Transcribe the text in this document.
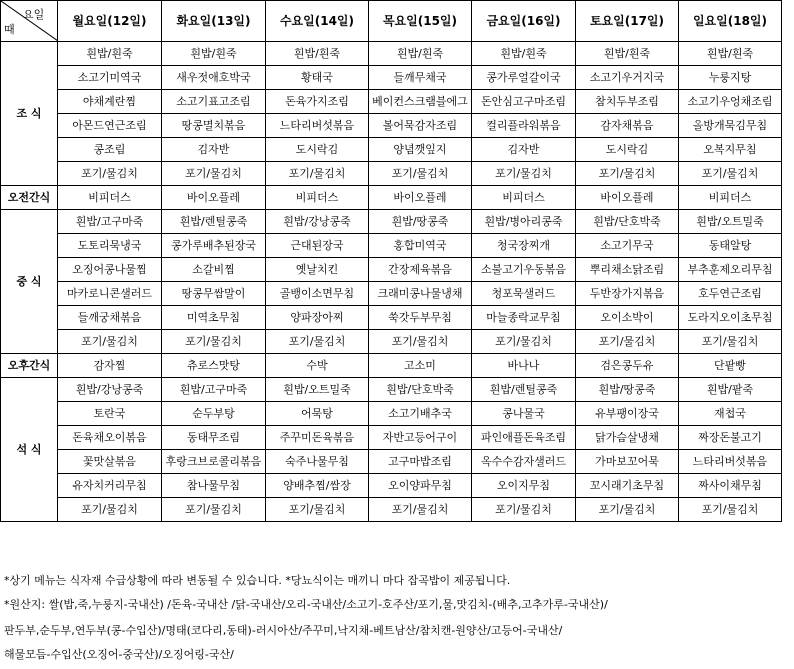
요일
때	월요일(12일)	화요일(13일)	수요일(14일)	목요일(15일)	금요일(16일)	토요일(17일)	일요일(18일)
조 식	흰밥/흰죽	흰밥/흰죽	흰밥/흰죽	흰밥/흰죽	흰밥/흰죽	흰밥/흰죽	흰밥/흰죽
	소고기미역국	새우젓애호박국	황태국	들깨무채국	콩가루얼갈이국	소고기우거지국	누룽지탕
	야채계란찜	소고기표고조림	돈육가지조림	베이컨스크램블에그	돈안심고구마조림	참치두부조림	소고기우엉채조림
	아몬드연근조림	땅콩멸치볶음	느타리버섯볶음	볼어묵감자조림	컬리플라워볶음	감자채볶음	올방개묵김무침
	콩조림	김자반	도시락김	양념깻잎지	김자반	도시락김	오복지무침
	포기/물김치	포기/물김치	포기/물김치	포기/물김치	포기/물김치	포기/물김치	포기/물김치
오전간식	비피더스	바이오플레	비피더스	바이오플레	비피더스	바이오플레	비피더스
중 식	흰밥/고구마죽	흰밥/렌틸콩죽	흰밥/강낭콩죽	흰밥/땅콩죽	흰밥/병아리콩죽	흰밥/단호박죽	흰밥/오트밀죽
	도토리묵냉국	콩가루배추된장국	근대된장국	홍합미역국	청국장찌개	소고기무국	동태알탕
	오징어콩나물찜	소갈비찜	옛날치킨	간장제육볶음	소불고기우동볶음	뿌리채소닭조림	부추훈제오리무침
	마카로니콘샐러드	땅콩무쌈말이	골뱅이소면무침	크래미콩나물냉채	청포묵샐러드	두반장가지볶음	호두연근조림
	들깨궁채볶음	미역초무침	양파장아찌	쑥갓두부무침	마늘종락교무침	오이소박이	도라지오이초무침
	포기/물김치	포기/물김치	포기/물김치	포기/물김치	포기/물김치	포기/물김치	포기/물김치
오후간식	감자찜	츄로스맛탕	수박	고소미	바나나	검은콩두유	단팥빵
석 식	흰밥/강낭콩죽	흰밥/고구마죽	흰밥/오트밀죽	흰밥/단호박죽	흰밥/렌틸콩죽	흰밥/땅콩죽	흰밥/팥죽
	토란국	순두부탕	어묵탕	소고기배추국	콩나물국	유부팽이장국	재첩국
	돈육채오이볶음	동태무조림	주꾸미돈육볶음	자반고등어구이	파인애플돈육조림	닭가슴살냉채	짜장돈불고기
	꽃맛살볶음	후랑크브로콜리볶음	숙주나물무침	고구마밥조림	옥수수감자샐러드	가마보꼬어묵	느타리버섯볶음
	유자치커리무침	참나물무침	양배추찜/쌈장	오이양파무침	오이지무침	꼬시래기초무침	짜사이채무침
	포기/물김치	포기/물김치	포기/물김치	포기/물김치	포기/물김치	포기/물김치	포기/물김치
*상기 메뉴는 식자재 수급상황에 따라 변동될 수 있습니다. *당뇨식이는 매끼니 마다 잡곡밥이 제공됩니다.
*원산지: 쌀(밥,죽,누룽지-국내산) /돈육-국내산 /닭-국내산/오리-국내산/소고기-호주산/포기,물,맛김치-(배추,고추가루-국내산)/
판두부,순두부,연두부(콩-수입산)/명태(코다리,동태)-러시아산/주꾸미,낙지채-베트남산/참치캔-원양산/고등어-국내산/
해물모듬-수입산(오징어-중국산)/오징어링-국산/
